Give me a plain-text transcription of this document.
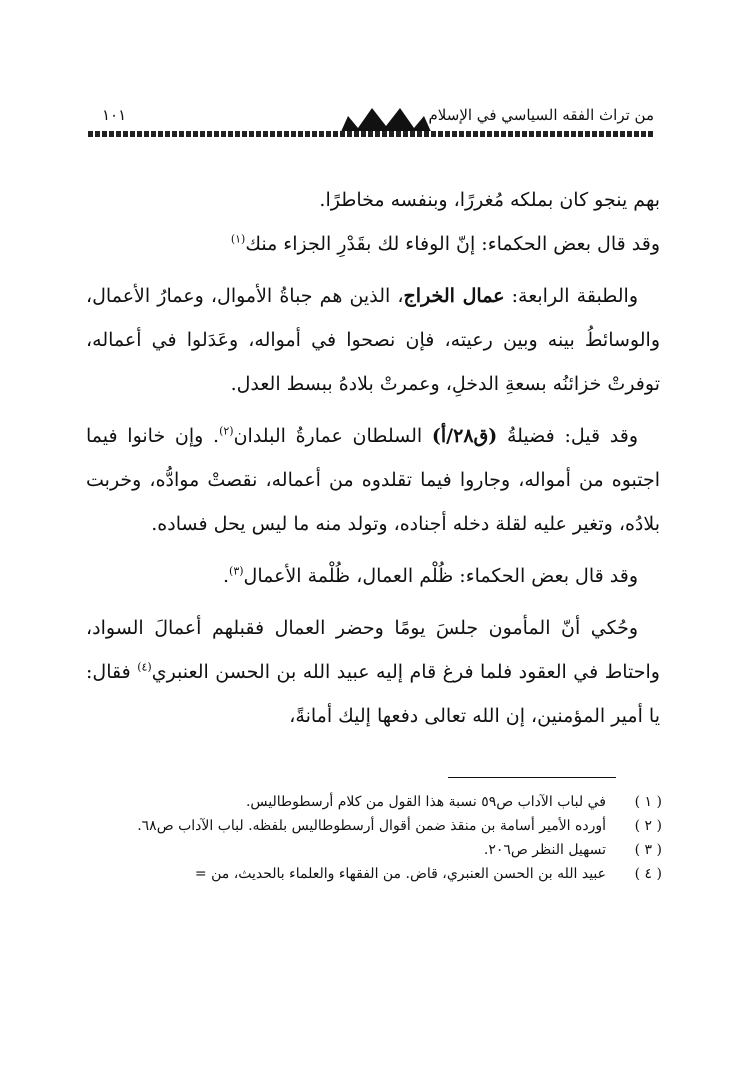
من تراث الفقه السياسي في الإسلام
١٠١

بهم ينجو كان بملكه مُغررًا، وبنفسه مخاطرًا.

وقد قال بعض الحكماء: إنّ الوفاء لك بقَدْرِ الجزاء منك$^{(١)}$

والطبقة الرابعة: عمال الخراج، الذين هم جباةُ الأموال، وعمارُ الأعمال، والوسائطُ بينه وبين رعيته، فإن نصحوا في أمواله، وعَدَلوا في أعماله، توفرتْ خزائنُه بسعةِ الدخلِ، وعمرتْ بلادهُ ببسط العدل.

وقد قيل: فضيلةُ (ق٢٨/أ) السلطان عمارةُ البلدان$^{(٢)}$. وإن خانوا فيما اجتبوه من أمواله، وجاروا فيما تقلدوه من أعماله، نقصتْ موادُّه، وخربت بلادُه، وتغير عليه لقلة دخله أجناده، وتولد منه ما ليس يحل فساده.

وقد قال بعض الحكماء: ظُلْم العمال، ظُلْمة الأعمال$^{(٣)}$.

وحُكي أنّ المأمون جلسَ يومًا وحضر العمال فقبلهم أعمالَ السواد، واحتاط في العقود فلما فرغ قام إليه عبيد الله بن الحسن العنبري$^{(٤)}$ فقال: يا أمير المؤمنين، إن الله تعالى دفعها إليك أمانةً،

( ١ )
في لباب الآداب ص٥٩ نسبة هذا القول من كلام أرسطوطاليس.
( ٢ )
أورده الأمير أسامة بن منقذ ضمن أقوال أرسطوطاليس بلفظه. لباب الآداب ص٦٨.
( ٣ )
تسهيل النظر ص٢٠٦.
( ٤ )
عبيد الله بن الحسن العنبري، قاض. من الفقهاء والعلماء بالحديث، من =
